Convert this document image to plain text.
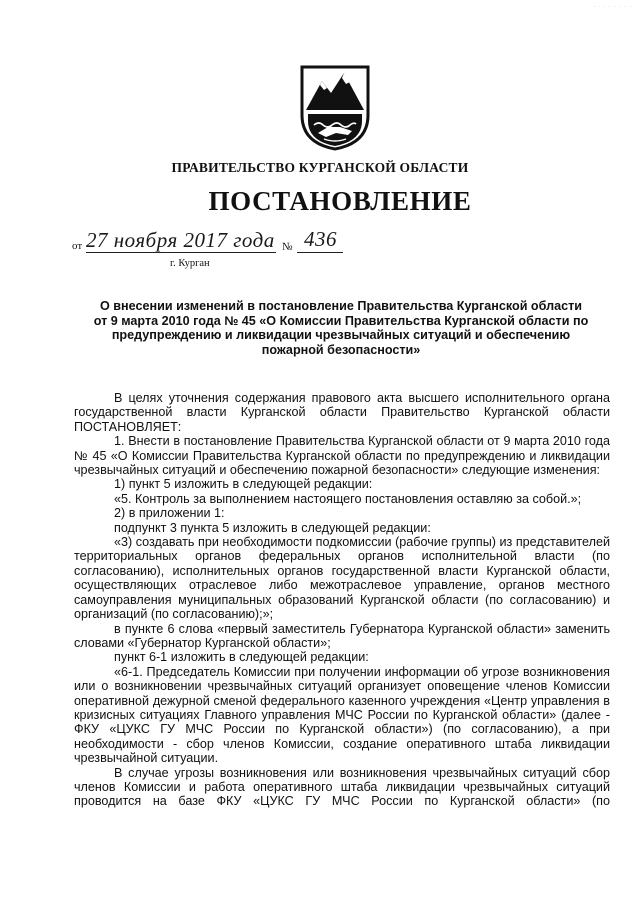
· · · · · · · ·
ПРАВИТЕЛЬСТВО КУРГАНСКОЙ ОБЛАСТИ
ПОСТАНОВЛЕНИЕ
от 27 ноября 2017 года № 436
г. Курган
О внесении изменений в постановление Правительства Курганской области
от 9 марта 2010 года № 45 «О Комиссии Правительства Курганской области по
предупреждению и ликвидации чрезвычайных ситуаций и обеспечению
пожарной безопасности»

В целях уточнения содержания правового акта высшего исполнительного органа государственной власти Курганской области Правительство Курганской области ПОСТАНОВЛЯЕТ:

1. Внести в постановление Правительства Курганской области от 9 марта 2010 года № 45 «О Комиссии Правительства Курганской области по предупреждению и ликвидации чрезвычайных ситуаций и обеспечению пожарной безопасности» следующие изменения:

1) пункт 5 изложить в следующей редакции:

«5. Контроль за выполнением настоящего постановления оставляю за собой.»;

2) в приложении 1:

подпункт 3 пункта 5 изложить в следующей редакции:

«3) создавать при необходимости подкомиссии (рабочие группы) из представителей территориальных органов федеральных органов исполнительной власти (по согласованию), исполнительных органов государственной власти Курганской области, осуществляющих отраслевое либо межотраслевое управление, органов местного самоуправления муниципальных образований Курганской области (по согласованию) и организаций (по согласованию);»;

в пункте 6 слова «первый заместитель Губернатора Курганской области» заменить словами «Губернатор Курганской области»;

пункт 6-1 изложить в следующей редакции:

«6-1. Председатель Комиссии при получении информации об угрозе возникновения или о возникновении чрезвычайных ситуаций организует оповещение членов Комиссии оперативной дежурной сменой федерального казенного учреждения «Центр управления в кризисных ситуациях Главного управления МЧС России по Курганской области» (далее - ФКУ «ЦУКС ГУ МЧС России по Курганской области») (по согласованию), а при необходимости - сбор членов Комиссии, создание оперативного штаба ликвидации чрезвычайной ситуации.

В случае угрозы возникновения или возникновения чрезвычайных ситуаций сбор членов Комиссии и работа оперативного штаба ликвидации чрезвычайных ситуаций проводится на базе ФКУ «ЦУКС ГУ МЧС России по Курганской области» (по
